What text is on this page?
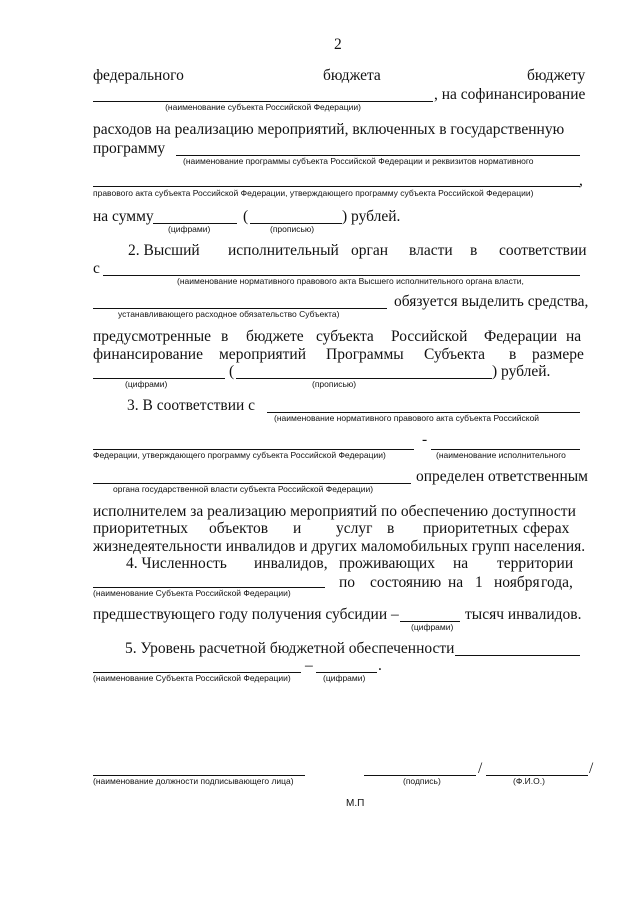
2
федерального	бюджета	бюджету
(наименование субъекта Российской Федерации)
, на софинансирование
расходов на реализацию мероприятий, включенных в государственную
программу
(наименование программы субъекта Российской Федерации и реквизитов нормативного
,
правового акта субъекта Российской Федерации, утверждающего программу субъекта Российской Федерации)
на сумму
(цифрами)
(
(прописью)
) рублей.
2. Высший исполнительный орган власти в соответствии
с
(наименование нормативного правового акта Высшего исполнительного органа власти,
устанавливающего расходное обязательство Субъекта)
обязуется выделить средства,
предусмотренные в бюджете субъекта Российской Федерации на
финансирование мероприятий Программы Субъекта в размере
(цифрами)
(
(прописью)
) рублей.
3. В соответствии с
(наименование нормативного правового акта субъекта Российской
Федерации, утверждающего программу субъекта Российской Федерации)
-
(наименование исполнительного
органа государственной власти субъекта Российской Федерации)
определен ответственным
исполнителем за реализацию мероприятий по обеспечению доступности
приоритетных объектов и услуг в приоритетных сферах
жизнедеятельности инвалидов и других маломобильных групп населения.
4. Численность инвалидов, проживающих на территории
(наименование Субъекта Российской Федерации)
по состоянию на 1 ноября года,
предшествующего году получения субсидии –
(цифрами)
тысяч инвалидов.
5. Уровень расчетной бюджетной обеспеченности
(наименование Субъекта Российской Федерации)
–
(цифрами)
.
(наименование должности подписывающего лица)	(подпись)
/
(Ф.И.О.)
/
М.П
